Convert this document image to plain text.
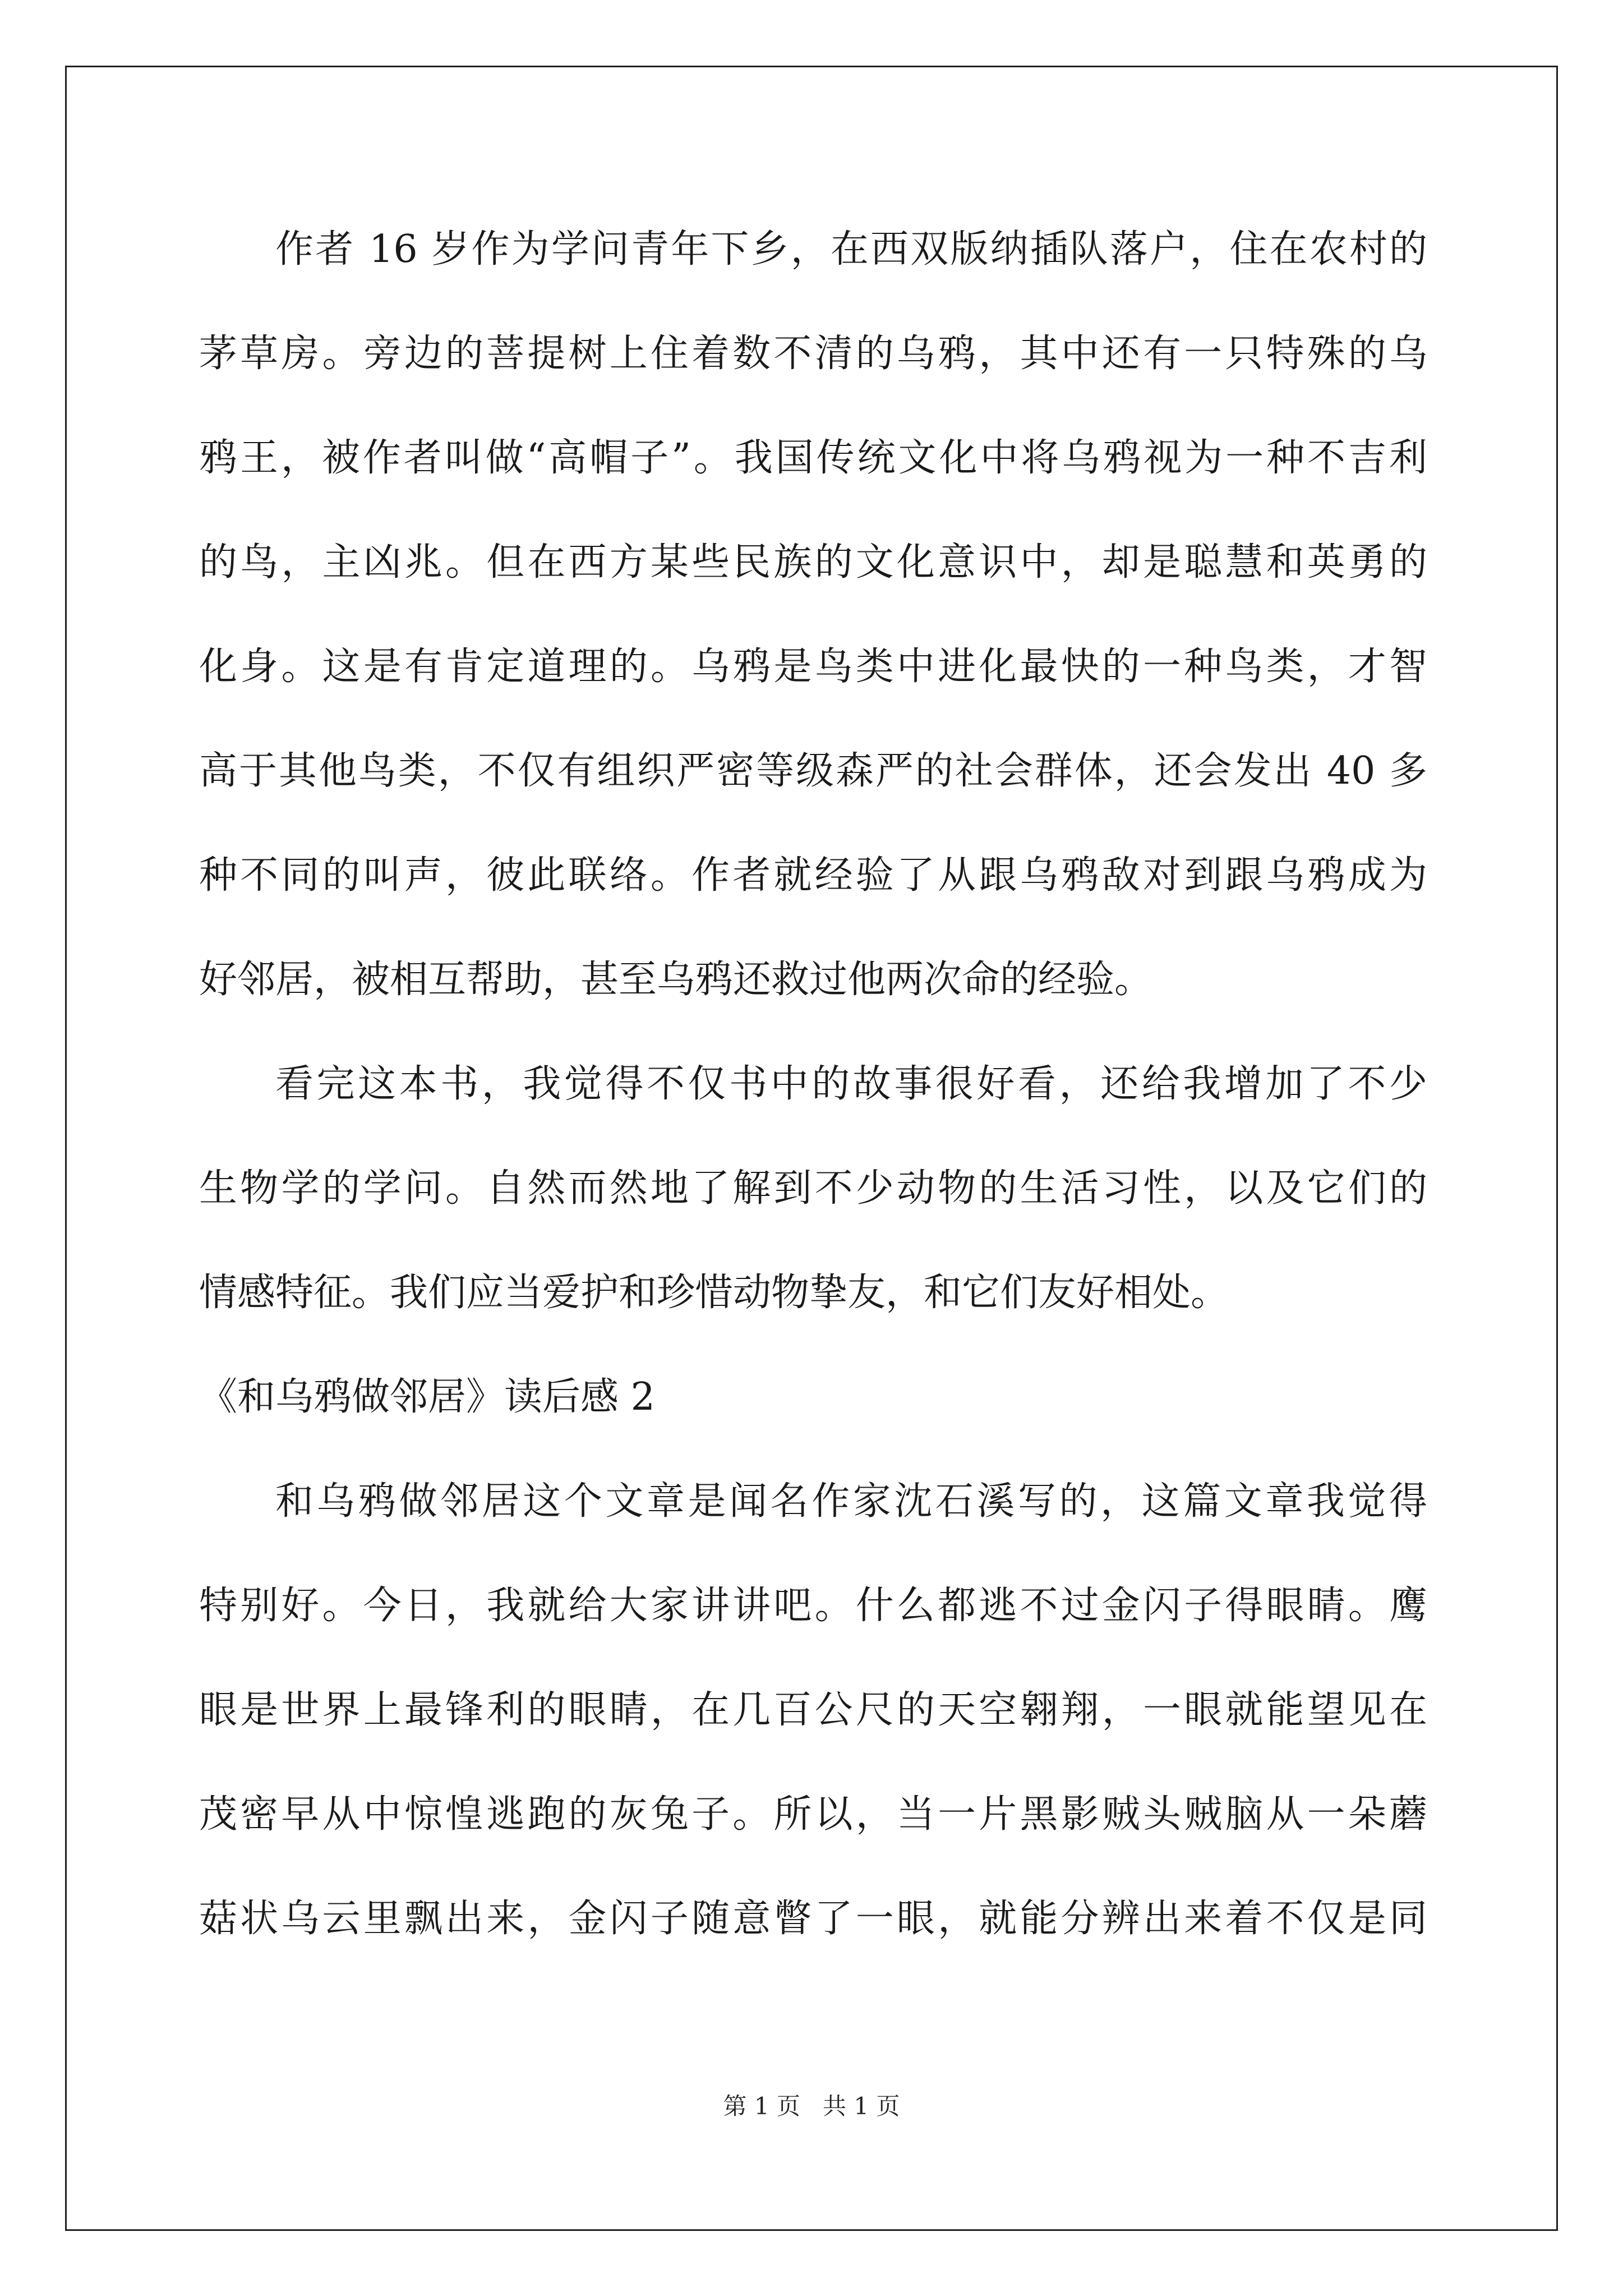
作者 16 岁作为学问青年下乡，在西双版纳插队落户，住在农村的
茅草房。旁边的菩提树上住着数不清的乌鸦，其中还有一只特殊的乌
鸦王，被作者叫做“高帽子”。我国传统文化中将乌鸦视为一种不吉利
的鸟，主凶兆。但在西方某些民族的文化意识中，却是聪慧和英勇的
化身。这是有肯定道理的。乌鸦是鸟类中进化最快的一种鸟类，才智
高于其他鸟类，不仅有组织严密等级森严的社会群体，还会发出 40 多
种不同的叫声，彼此联络。作者就经验了从跟乌鸦敌对到跟乌鸦成为
好邻居，被相互帮助，甚至乌鸦还救过他两次命的经验。
看完这本书，我觉得不仅书中的故事很好看，还给我增加了不少
生物学的学问。自然而然地了解到不少动物的生活习性，以及它们的
情感特征。我们应当爱护和珍惜动物挚友，和它们友好相处。
《和乌鸦做邻居》读后感 2
和乌鸦做邻居这个文章是闻名作家沈石溪写的，这篇文章我觉得
特别好。今日，我就给大家讲讲吧。什么都逃不过金闪子得眼睛。鹰
眼是世界上最锋利的眼睛，在几百公尺的天空翱翔，一眼就能望见在
茂密早从中惊惶逃跑的灰兔子。所以，当一片黑影贼头贼脑从一朵蘑
菇状乌云里飘出来，金闪子随意瞥了一眼，就能分辨出来着不仅是同
第 1 页 共 1 页
